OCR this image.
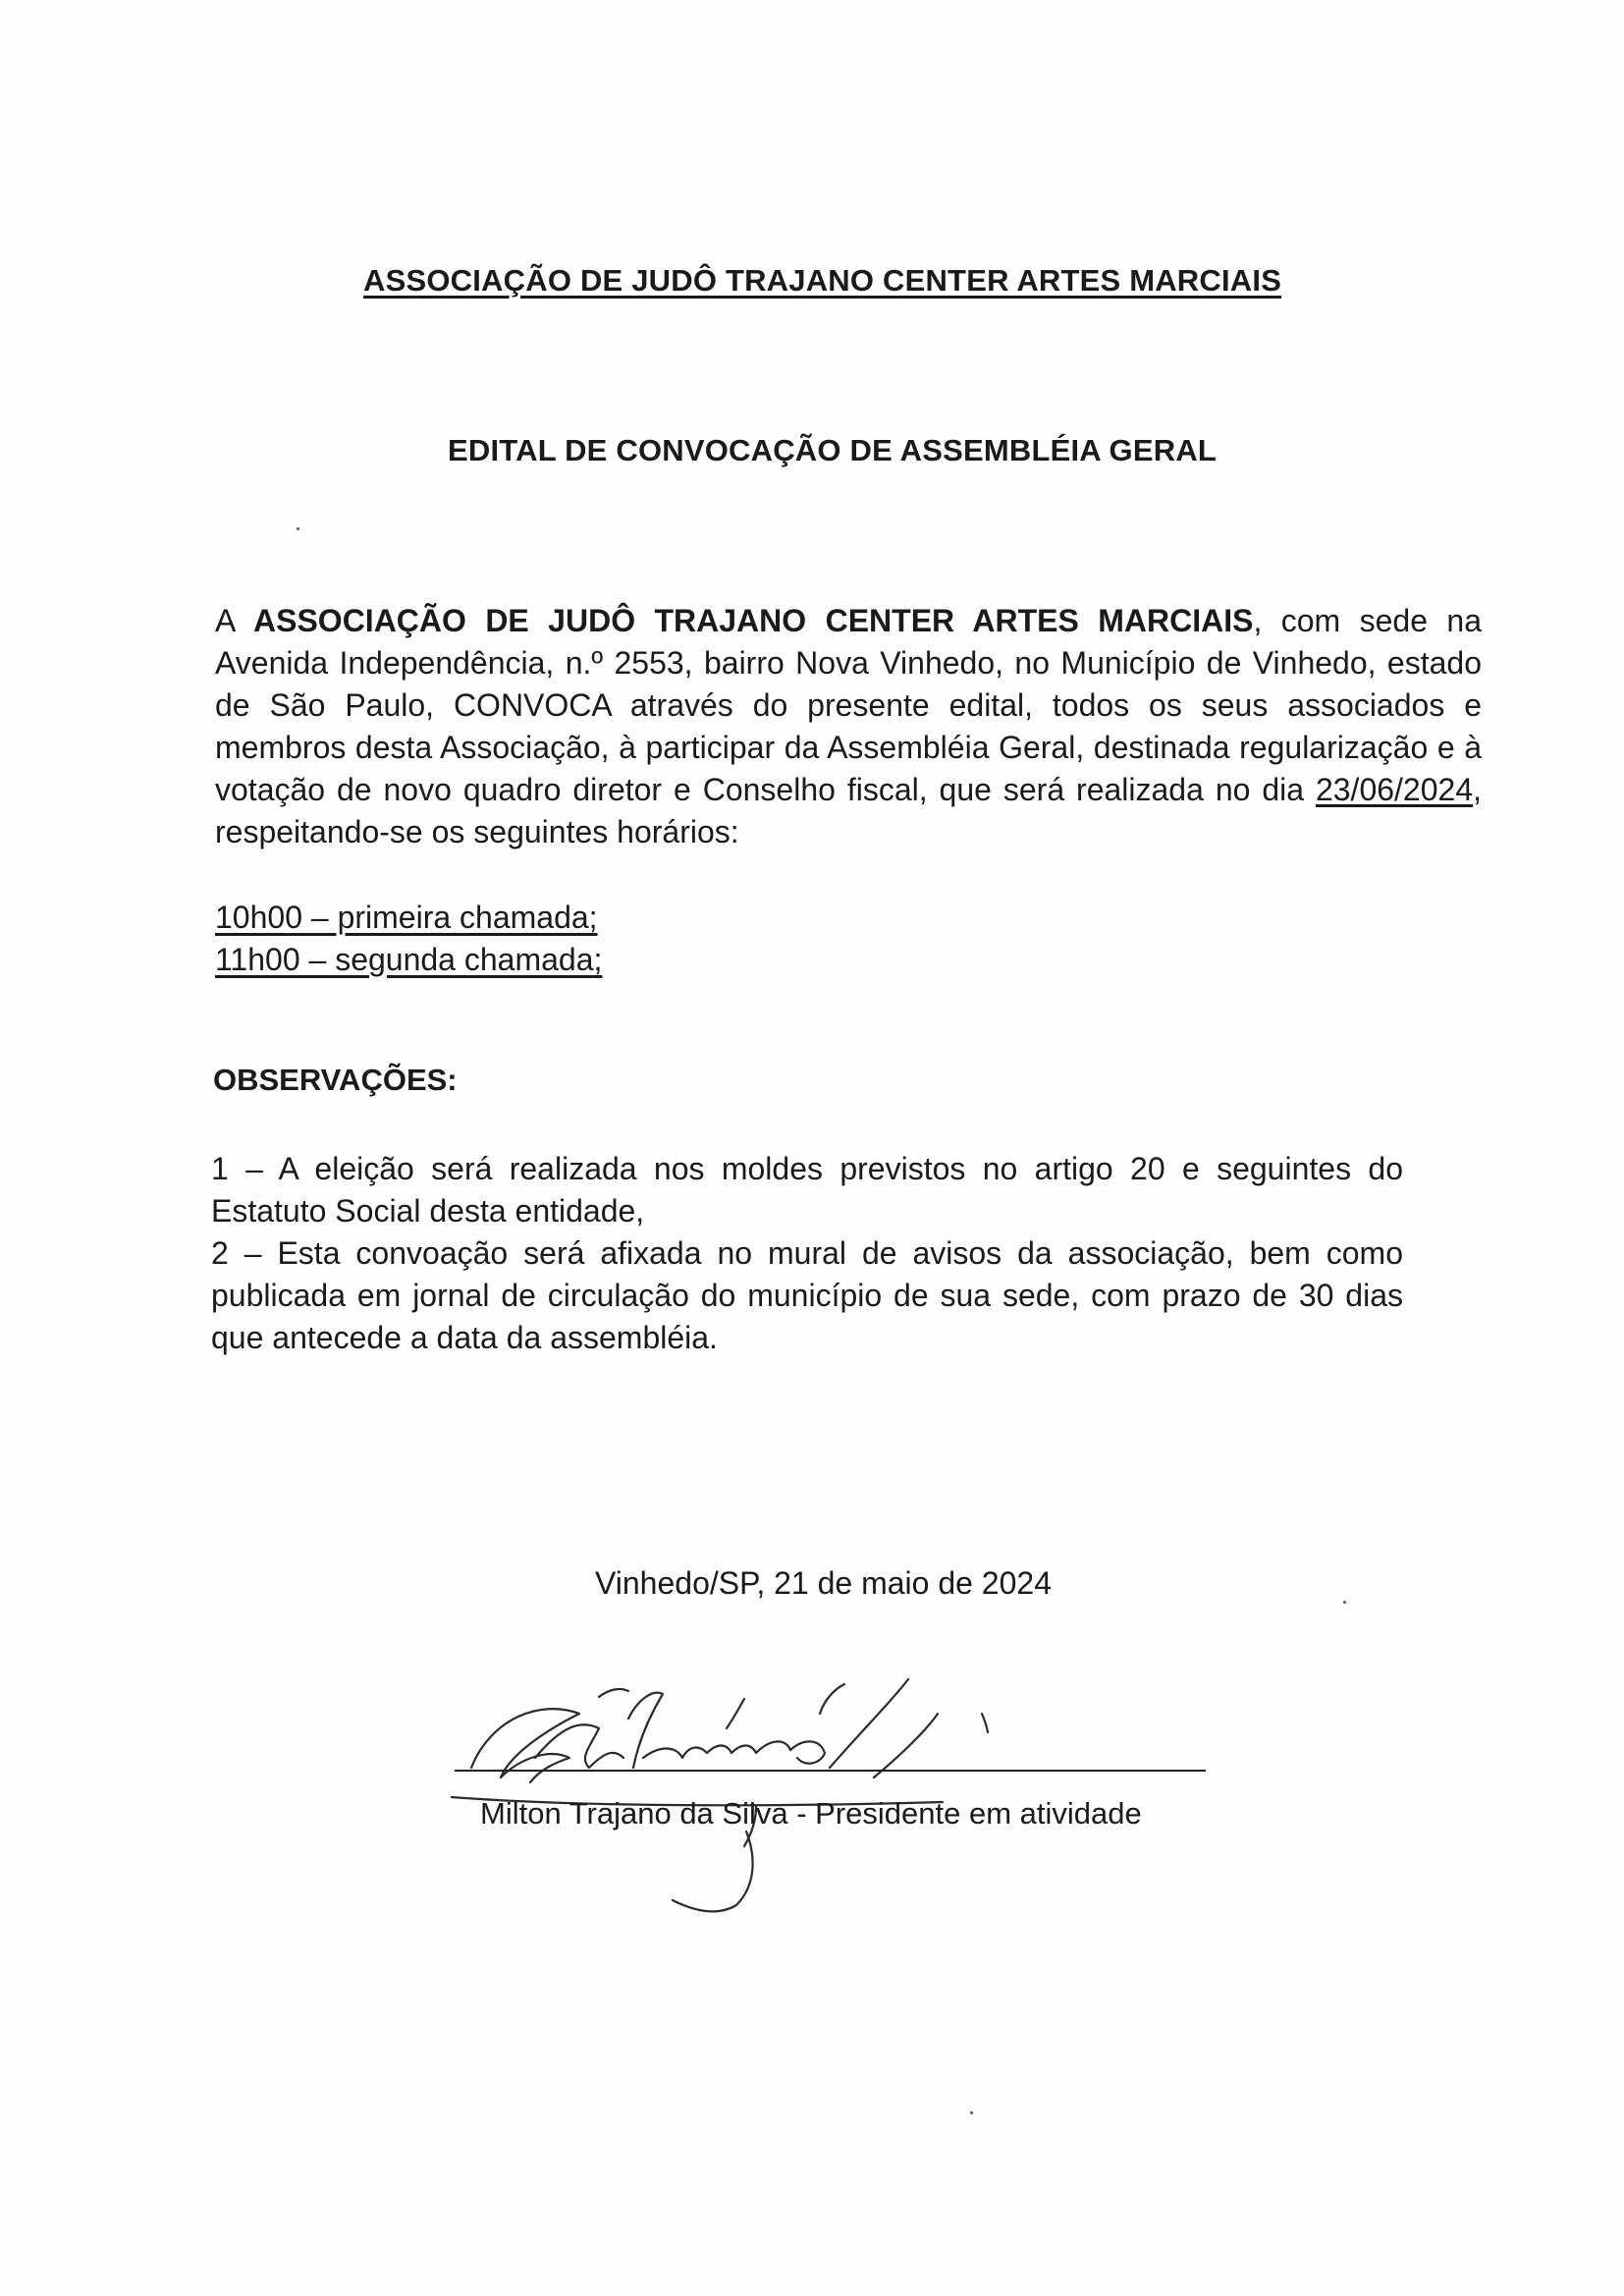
ASSOCIAÇÃO DE JUDÔ TRAJANO CENTER ARTES MARCIAIS
EDITAL DE CONVOCAÇÃO DE ASSEMBLÉIA GERAL
A ASSOCIAÇÃO DE JUDÔ TRAJANO CENTER ARTES MARCIAIS, com sede na Avenida Independência, n.º 2553, bairro Nova Vinhedo, no Município de Vinhedo, estado de São Paulo, CONVOCA através do presente edital, todos os seus associados e membros desta Associação, à participar da Assembléia Geral, destinada regularização e à votação de novo quadro diretor e Conselho fiscal, que será realizada no dia 23/06/2024, respeitando-se os seguintes horários:
10h00 – primeira chamada;
11h00 – segunda chamada;
OBSERVAÇÕES:
1 – A eleição será realizada nos moldes previstos no artigo 20 e seguintes do Estatuto Social desta entidade,
2 – Esta convoação será afixada no mural de avisos da associação, bem como publicada em jornal de circulação do município de sua sede, com prazo de 30 dias que antecede a data da assembléia.
Vinhedo/SP, 21 de maio de 2024
Milton Trajano da Silva - Presidente em atividade
